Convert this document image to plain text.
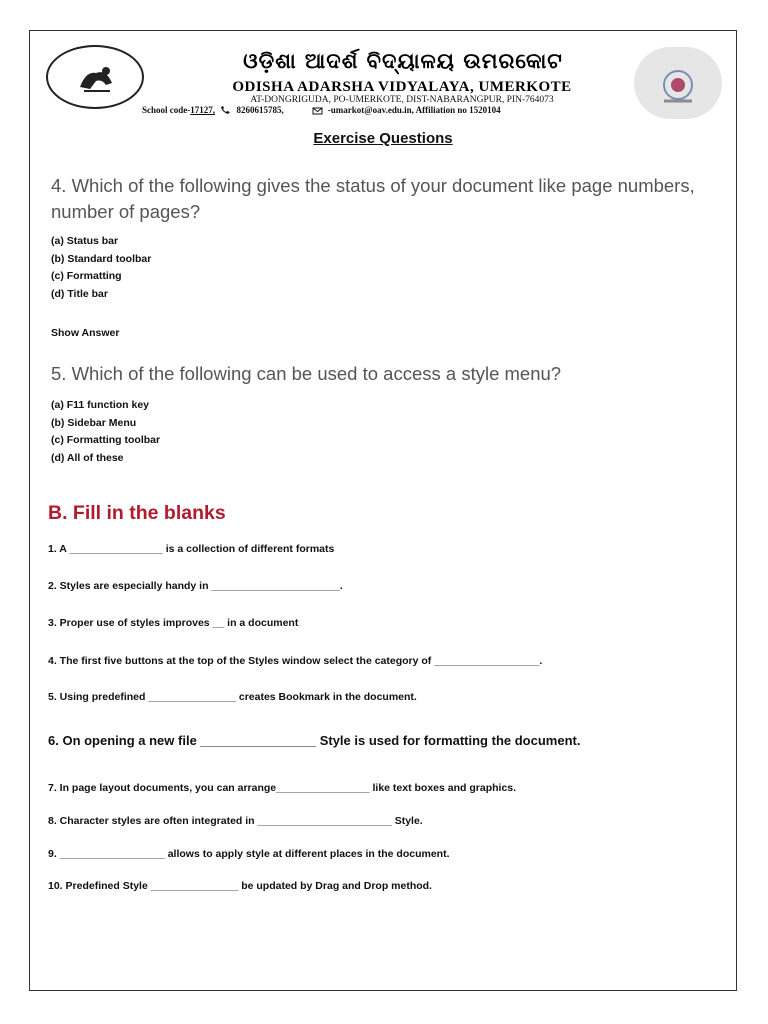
ଓଡ଼ିଶା ଆଦର୍ଶ ବିଦ୍ୟାଳୟ ଉମରକୋଟ
ODISHA ADARSHA VIDYALAYA, UMERKOTE
AT-DONGRIGUDA, PO-UMERKOTE, DIST-NABARANGPUR, PIN-764073
School code-17127, 8260615785,	-umarkot@oav.edu.in, Affiliation no 1520104
Exercise Questions
4. Which of the following gives the status of your document like page numbers, number of pages?
(a) Status bar
(b) Standard toolbar
(c) Formatting
(d) Title bar
Show Answer
5. Which of the following can be used to access a style menu?
(a) F11 function key
(b) Sidebar Menu
(c) Formatting toolbar
(d) All of these
B. Fill in the blanks
1. A ________________ is a collection of different formats
2. Styles are especially handy in ______________________.
3. Proper use of styles improves __ in a document
4. The first five buttons at the top of the Styles window select the category of __________________.
5. Using predefined _______________ creates Bookmark in the document.
6. On opening a new file ________________ Style is used for formatting the document.
7. In page layout documents, you can arrange________________ like text boxes and graphics.
8. Character styles are often integrated in _______________________ Style.
9. __________________ allows to apply style at different places in the document.
10. Predefined Style _______________ be updated by Drag and Drop method.
